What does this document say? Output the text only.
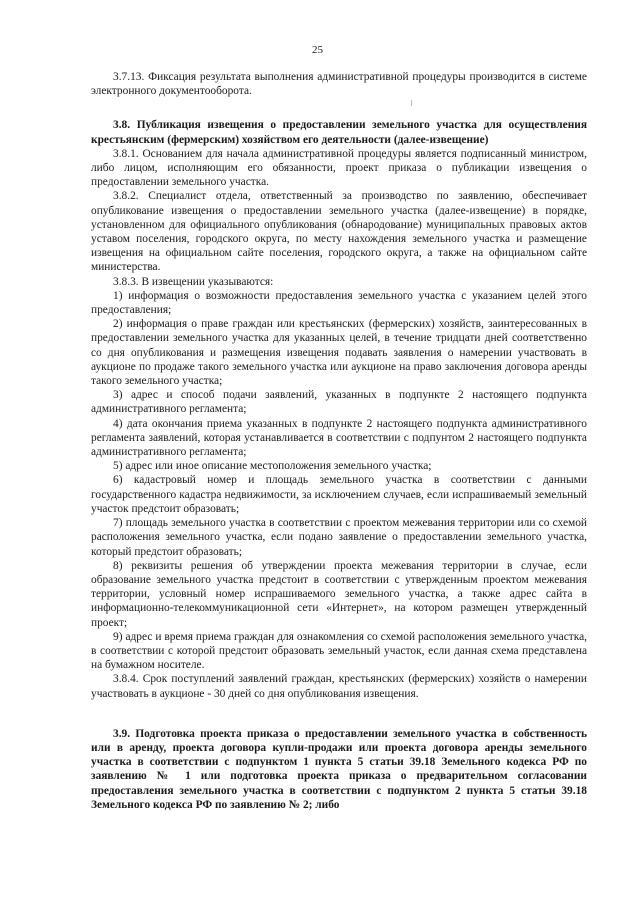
25

3.7.13. Фиксация результата выполнения административной процедуры производится в системе электронного документооборота.

3.8. Публикация извещения о предоставлении земельного участка для осуществления крестьянским (фермерским) хозяйством его деятельности (далее-извещение)

3.8.1. Основанием для начала административной процедуры является подписанный министром, либо лицом, исполняющим его обязанности, проект приказа о публикации извещения о предоставлении земельного участка.

3.8.2. Специалист отдела, ответственный за производство по заявлению, обеспечивает опубликование извещения о предоставлении земельного участка (далее-извещение) в порядке, установленном для официального опубликования (обнародование) муниципальных правовых актов уставом поселения, городского округа, по месту нахождения земельного участка и размещение извещения на официальном сайте поселения, городского округа, а также на официальном сайте министерства.

3.8.3. В извещении указываются:

1) информация о возможности предоставления земельного участка с указанием целей этого предоставления;

2) информация о праве граждан или крестьянских (фермерских) хозяйств, заинтересованных в предоставлении земельного участка для указанных целей, в течение тридцати дней соответственно со дня опубликования и размещения извещения подавать заявления о намерении участвовать в аукционе по продаже такого земельного участка или аукционе на право заключения договора аренды такого земельного участка;

3) адрес и способ подачи заявлений, указанных в подпункте 2 настоящего подпункта административного регламента;

4) дата окончания приема указанных в подпункте 2 настоящего подпункта административного регламента заявлений, которая устанавливается в соответствии с подпунтом 2 настоящего подпункта административного регламента;

5) адрес или иное описание местоположения земельного участка;

6) кадастровый номер и площадь земельного участка в соответствии с данными государственного кадастра недвижимости, за исключением случаев, если испрашиваемый земельный участок предстоит образовать;

7) площадь земельного участка в соответствии с проектом межевания территории или со схемой расположения земельного участка, если подано заявление о предоставлении земельного участка, который предстоит образовать;

8) реквизиты решения об утверждении проекта межевания территории в случае, если образование земельного участка предстоит в соответствии с утвержденным проектом межевания территории, условный номер испрашиваемого земельного участка, а также адрес сайта в информационно-телекоммуникационной сети «Интернет», на котором размещен утвержденный проект;

9) адрес и время приема граждан для ознакомления со схемой расположения земельного участка, в соответствии с которой предстоит образовать земельный участок, если данная схема представлена на бумажном носителе.

3.8.4. Срок поступлений заявлений граждан, крестьянских (фермерских) хозяйств о намерении участвовать в аукционе - 30 дней со дня опубликования извещения.

3.9. Подготовка проекта приказа о предоставлении земельного участка в собственность или в аренду, проекта договора купли-продажи или проекта договора аренды земельного участка в соответствии с подпунктом 1 пункта 5 статьи 39.18 Земельного кодекса РФ по заявлению № 1 или подготовка проекта приказа о предварительном согласовании предоставления земельного участка в соответствии с подпунктом 2 пункта 5 статьи 39.18 Земельного кодекса РФ по заявлению № 2; либо
